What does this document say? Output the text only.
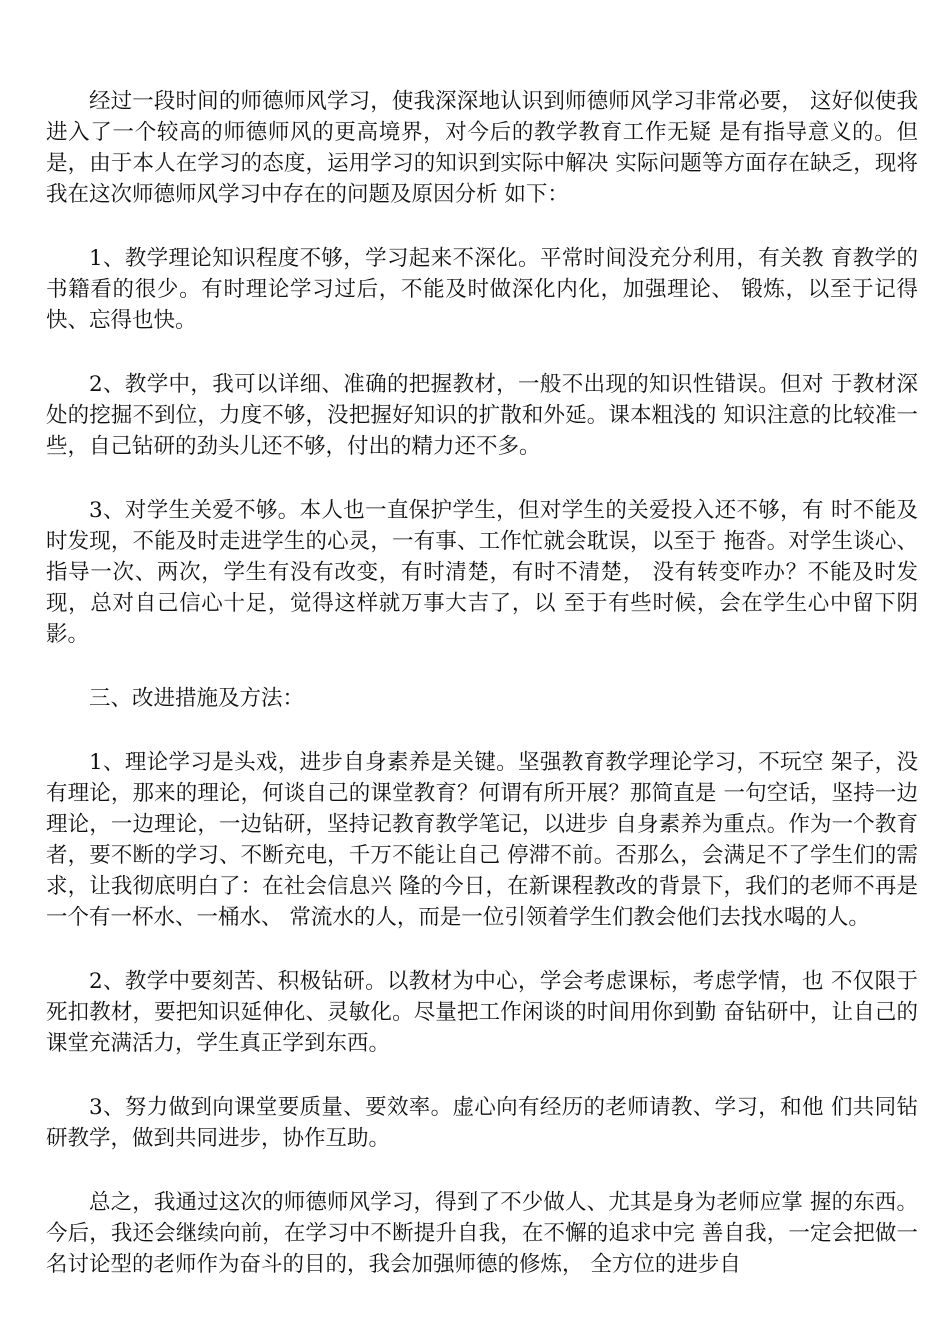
经过一段时间的师德师风学习，使我深深地认识到师德师风学习非常必要， 这好似使我进入了一个较高的师德师风的更高境界，对今后的教学教育工作无疑 是有指导意义的。但是，由于本人在学习的态度，运用学习的知识到实际中解决 实际问题等方面存在缺乏，现将我在这次师德师风学习中存在的问题及原因分析 如下：

1、教学理论知识程度不够，学习起来不深化。平常时间没充分利用，有关教 育教学的书籍看的很少。有时理论学习过后，不能及时做深化内化，加强理论、 锻炼，以至于记得快、忘得也快。

2、教学中，我可以详细、准确的把握教材，一般不出现的知识性错误。但对 于教材深处的挖掘不到位，力度不够，没把握好知识的扩散和外延。课本粗浅的 知识注意的比较准一些，自己钻研的劲头儿还不够，付出的精力还不多。

3、对学生关爱不够。本人也一直保护学生，但对学生的关爱投入还不够，有 时不能及时发现，不能及时走进学生的心灵，一有事、工作忙就会耽误，以至于 拖沓。对学生谈心、指导一次、两次，学生有没有改变，有时清楚，有时不清楚， 没有转变咋办？不能及时发现，总对自己信心十足，觉得这样就万事大吉了，以 至于有些时候，会在学生心中留下阴影。

三、改进措施及方法：

1、理论学习是头戏，进步自身素养是关键。坚强教育教学理论学习，不玩空 架子，没有理论，那来的理论，何谈自己的课堂教育？何谓有所开展？那简直是 一句空话，坚持一边理论，一边理论，一边钻研，坚持记教育教学笔记，以进步 自身素养为重点。作为一个教育者，要不断的学习、不断充电，千万不能让自己 停滞不前。否那么，会满足不了学生们的需求，让我彻底明白了：在社会信息兴 隆的今日，在新课程教改的背景下，我们的老师不再是一个有一杯水、一桶水、 常流水的人，而是一位引领着学生们教会他们去找水喝的人。

2、教学中要刻苦、积极钻研。以教材为中心，学会考虑课标，考虑学情，也 不仅限于死扣教材，要把知识延伸化、灵敏化。尽量把工作闲谈的时间用你到勤 奋钻研中，让自己的课堂充满活力，学生真正学到东西。

3、努力做到向课堂要质量、要效率。虚心向有经历的老师请教、学习，和他 们共同钻研教学，做到共同进步，协作互助。

总之，我通过这次的师德师风学习，得到了不少做人、尤其是身为老师应掌 握的东西。今后，我还会继续向前，在学习中不断提升自我，在不懈的追求中完 善自我，一定会把做一名讨论型的老师作为奋斗的目的，我会加强师德的修炼， 全方位的进步自
